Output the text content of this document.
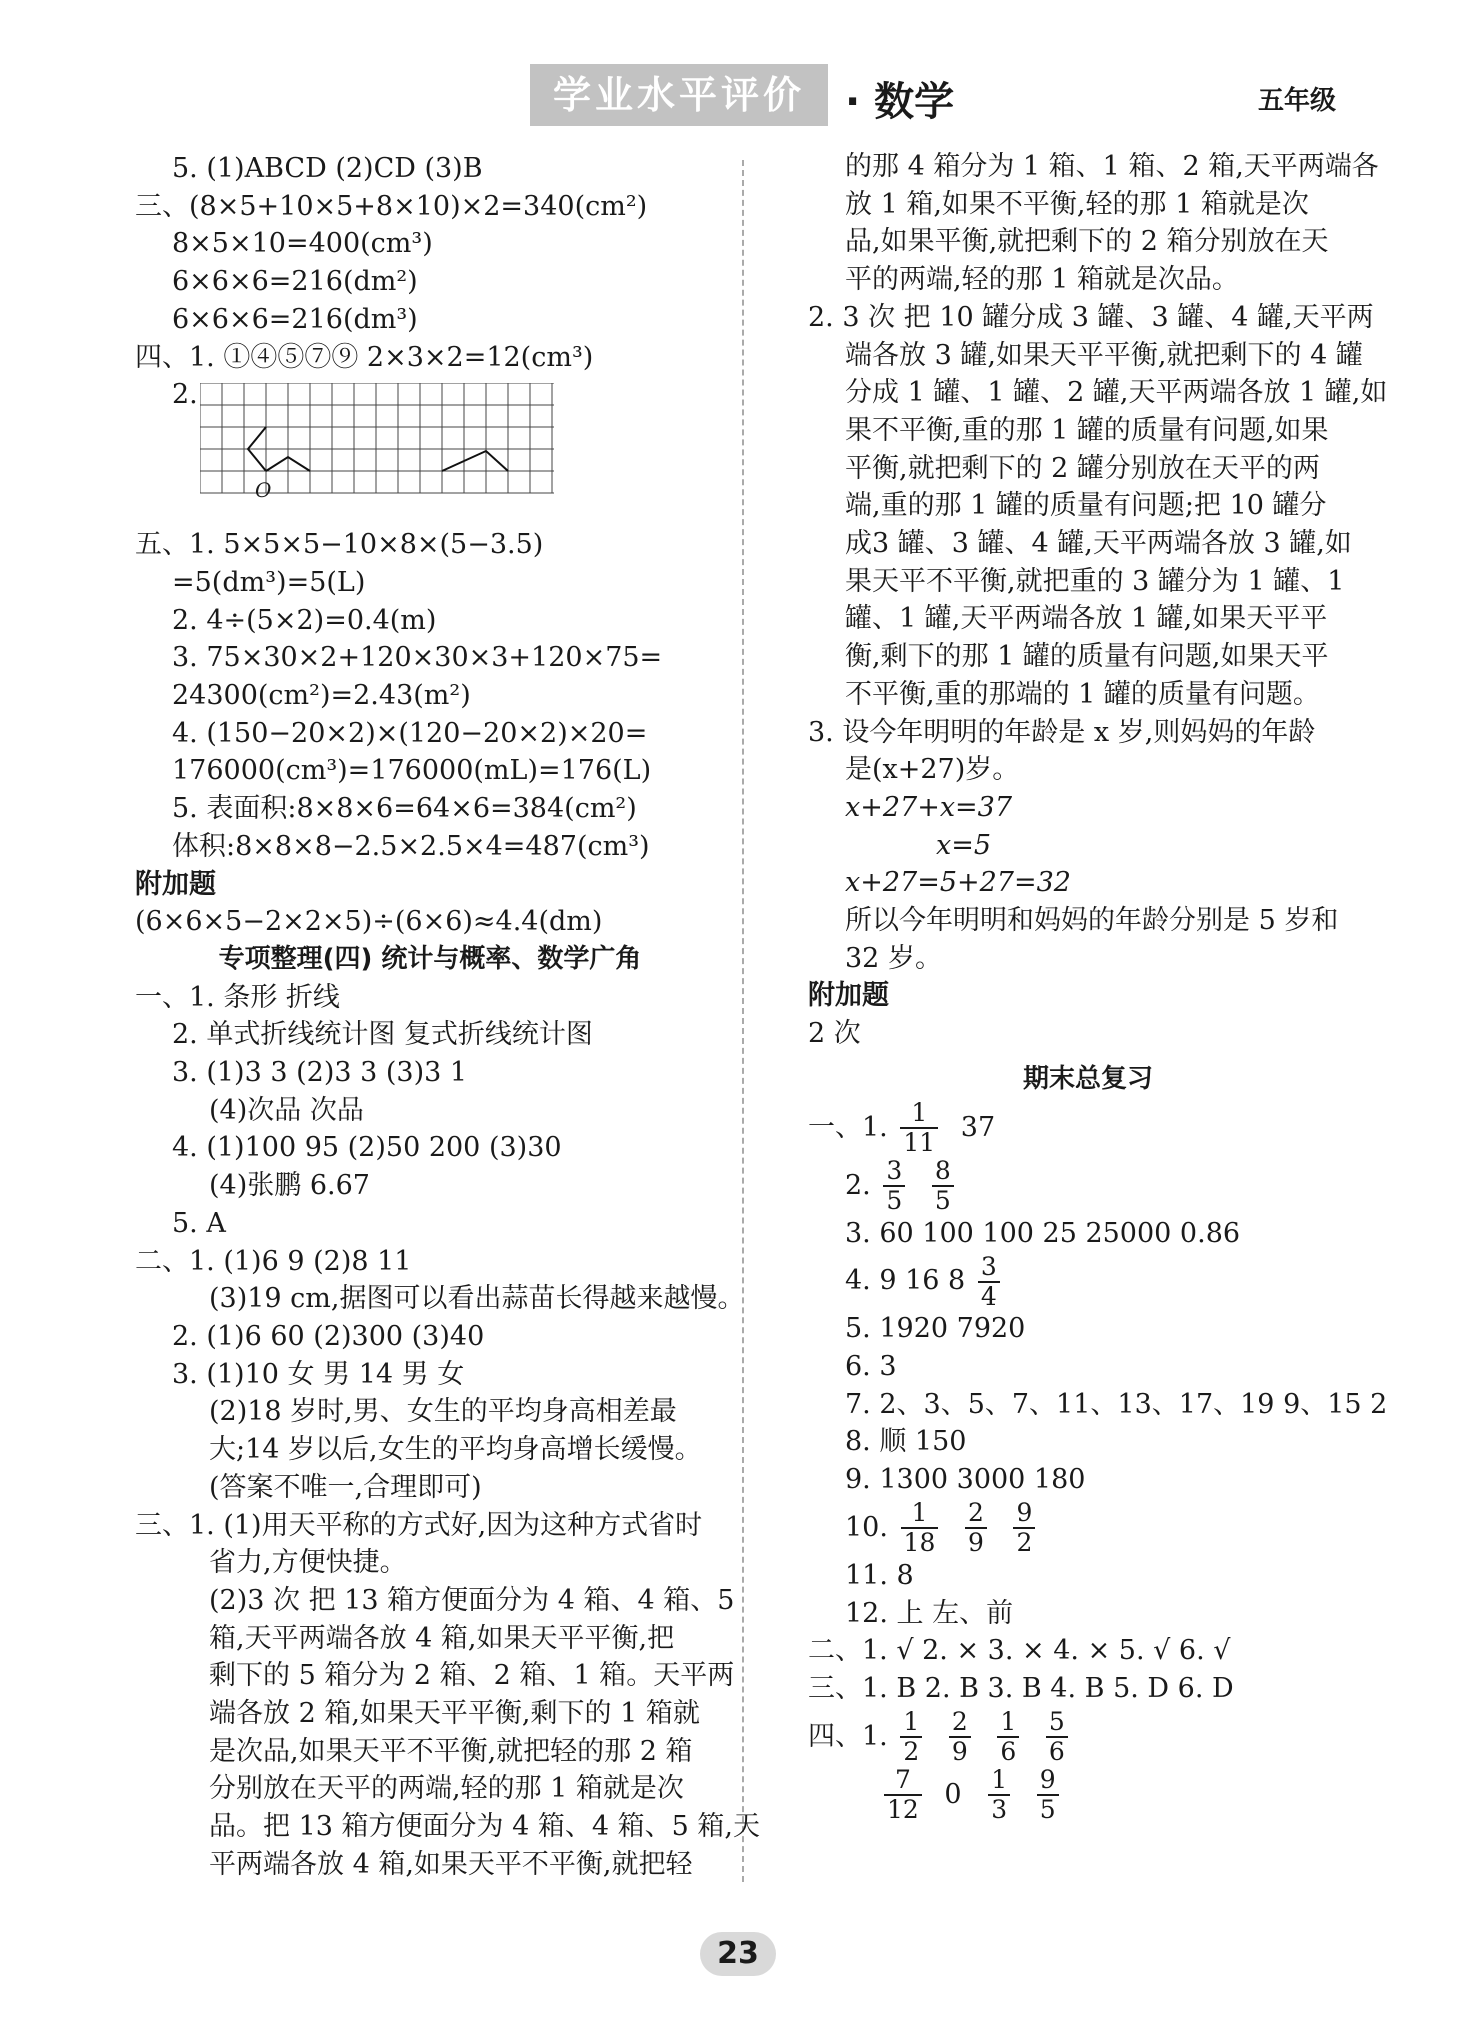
学业水平评价	· 数学	五年级
5. (1)ABCD (2)CD (3)B
三、(8×5+10×5+8×10)×2=340(cm²)
8×5×10=400(cm³)
6×6×6=216(dm²)
6×6×6=216(dm³)
四、1. ①④⑤⑦⑨ 2×3×2=12(cm³)
2.
五、1. 5×5×5−10×8×(5−3.5)
=5(dm³)=5(L)
2. 4÷(5×2)=0.4(m)
3. 75×30×2+120×30×3+120×75=
24300(cm²)=2.43(m²)
4. (150−20×2)×(120−20×2)×20=
176000(cm³)=176000(mL)=176(L)
5. 表面积:8×8×6=64×6=384(cm²)
体积:8×8×8−2.5×2.5×4=487(cm³)
附加题
(6×6×5−2×2×5)÷(6×6)≈4.4(dm)
专项整理(四) 统计与概率、数学广角
一、1. 条形 折线
2. 单式折线统计图 复式折线统计图
3. (1)3 3 (2)3 3 (3)3 1
(4)次品 次品
4. (1)100 95 (2)50 200 (3)30
(4)张鹏 6.67
5. A
二、1. (1)6 9 (2)8 11
(3)19 cm,据图可以看出蒜苗长得越来越慢。
2. (1)6 60 (2)300 (3)40
3. (1)10 女 男 14 男 女
(2)18 岁时,男、女生的平均身高相差最
大;14 岁以后,女生的平均身高增长缓慢。
(答案不唯一,合理即可)
三、1. (1)用天平称的方式好,因为这种方式省时
省力,方便快捷。
(2)3 次 把 13 箱方便面分为 4 箱、4 箱、5
箱,天平两端各放 4 箱,如果天平平衡,把
剩下的 5 箱分为 2 箱、2 箱、1 箱。天平两
端各放 2 箱,如果天平平衡,剩下的 1 箱就
是次品,如果天平不平衡,就把轻的那 2 箱
分别放在天平的两端,轻的那 1 箱就是次
品。把 13 箱方便面分为 4 箱、4 箱、5 箱,天
平两端各放 4 箱,如果天平不平衡,就把轻
O
的那 4 箱分为 1 箱、1 箱、2 箱,天平两端各
放 1 箱,如果不平衡,轻的那 1 箱就是次
品,如果平衡,就把剩下的 2 箱分别放在天
平的两端,轻的那 1 箱就是次品。
2. 3 次 把 10 罐分成 3 罐、3 罐、4 罐,天平两
端各放 3 罐,如果天平平衡,就把剩下的 4 罐
分成 1 罐、1 罐、2 罐,天平两端各放 1 罐,如
果不平衡,重的那 1 罐的质量有问题,如果
平衡,就把剩下的 2 罐分别放在天平的两
端,重的那 1 罐的质量有问题;把 10 罐分
成3 罐、3 罐、4 罐,天平两端各放 3 罐,如
果天平不平衡,就把重的 3 罐分为 1 罐、1
罐、1 罐,天平两端各放 1 罐,如果天平平
衡,剩下的那 1 罐的质量有问题,如果天平
不平衡,重的那端的 1 罐的质量有问题。
3. 设今年明明的年龄是 x 岁,则妈妈的年龄
是(x+27)岁。
x+27+x=37
x=5
x+27=5+27=32
所以今年明明和妈妈的年龄分别是 5 岁和
32 岁。
附加题
2 次
期末总复习
一、1. $\frac{1}{11} 37$
2. $\frac{3}{5}$
$\frac{8}{5}$
3. 60 100 100 25 25000 0.86
4. 9 16 $8 \frac{3}{4}$
5. 1920 7920
6. 3
7. 2、3、5、7、11、13、17、19 9、15 2
8. 顺 150
9. 1300 3000 180
10. $\frac{1}{18}$
$\frac{2}{9}$
$\frac{9}{2}$
11. 8
12. 上 左、前
二、1. √ 2. × 3. × 4. × 5. √ 6. √
三、1. B 2. B 3. B 4. B 5. D 6. D
四、1. $\frac{1}{2}$
$\frac{2}{9}$
$\frac{1}{6}$
$\frac{5}{6}$
$\frac{7}{12} 0 \frac{1}{3}$
$\frac{9}{5}$
23
